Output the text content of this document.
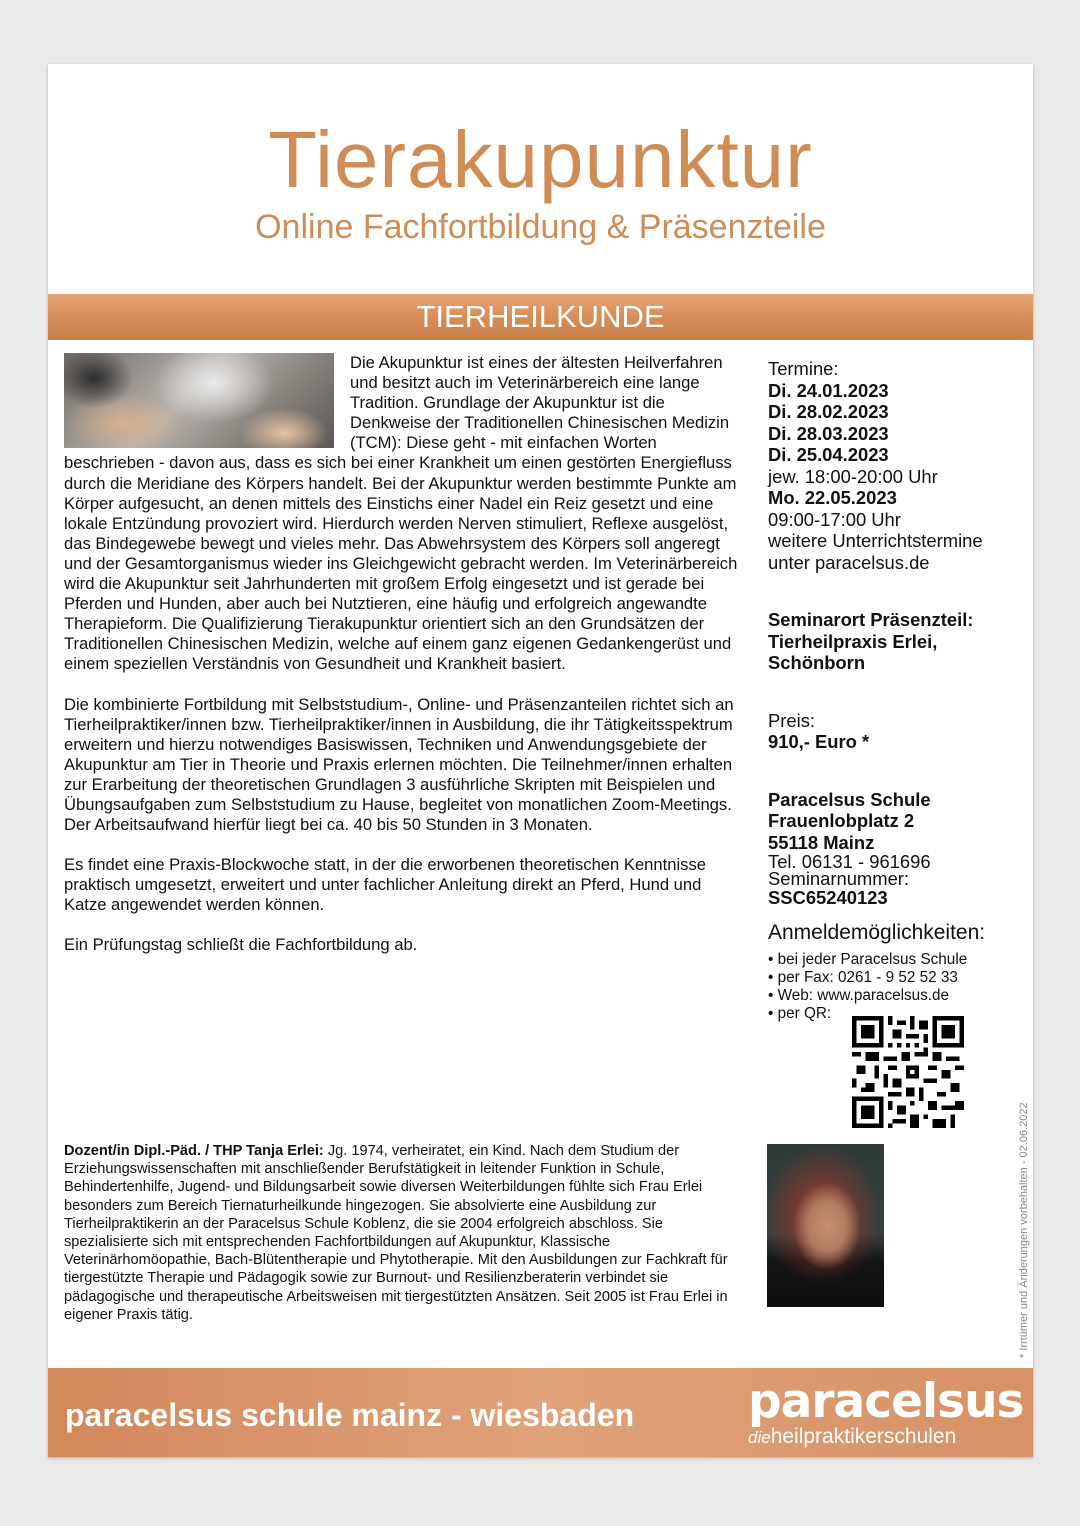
Tierakupunktur
Online Fachfortbildung & Präsenzteile
TIERHEILKUNDE

Die Akupunktur ist eines der ältesten Heilverfahren und besitzt auch im Veterinärbereich eine lange Tradition. Grundlage der Akupunktur ist die Denkweise der Traditionellen Chinesischen Medizin (TCM): Diese geht - mit einfachen Worten beschrieben - davon aus, dass es sich bei einer Krankheit um einen gestörten Energiefluss durch die Meridiane des Körpers handelt. Bei der Akupunktur werden bestimmte Punkte am Körper aufgesucht, an denen mittels des Einstichs einer Nadel ein Reiz gesetzt und eine lokale Entzündung provoziert wird. Hierdurch werden Nerven stimuliert, Reflexe ausgelöst, das Bindegewebe bewegt und vieles mehr. Das Abwehrsystem des Körpers soll angeregt und der Gesamtorganismus wieder ins Gleichgewicht gebracht werden. Im Veterinärbereich wird die Akupunktur seit Jahrhunderten mit großem Erfolg eingesetzt und ist gerade bei Pferden und Hunden, aber auch bei Nutztieren, eine häufig und erfolgreich angewandte Therapieform. Die Qualifizierung Tierakupunktur orientiert sich an den Grundsätzen der Traditionellen Chinesischen Medizin, welche auf einem ganz eigenen Gedankengerüst und einem speziellen Verständnis von Gesundheit und Krankheit basiert.

Die kombinierte Fortbildung mit Selbststudium-, Online- und Präsenzanteilen richtet sich an Tierheilpraktiker/innen bzw. Tierheilpraktiker/innen in Ausbildung, die ihr Tätigkeitsspektrum erweitern und hierzu notwendiges Basiswissen, Techniken und Anwendungsgebiete der Akupunktur am Tier in Theorie und Praxis erlernen möchten. Die Teilnehmer/innen erhalten zur Erarbeitung der theoretischen Grundlagen 3 ausführliche Skripten mit Beispielen und Übungsaufgaben zum Selbststudium zu Hause, begleitet von monatlichen Zoom-Meetings. Der Arbeitsaufwand hierfür liegt bei ca. 40 bis 50 Stunden in 3 Monaten.

Es findet eine Praxis-Blockwoche statt, in der die erworbenen theoretischen Kenntnisse praktisch umgesetzt, erweitert und unter fachlicher Anleitung direkt an Pferd, Hund und Katze angewendet werden können.

Ein Prüfungstag schließt die Fachfortbildung ab.

Termine:
Di. 24.01.2023
Di. 28.02.2023
Di. 28.03.2023
Di. 25.04.2023
jew. 18:00-20:00 Uhr
Mo. 22.05.2023
09:00-17:00 Uhr
weitere Unterrichtstermine
unter paracelsus.de
Seminarort Präsenzteil:
Tierheilpraxis Erlei,
Schönborn
Preis:
910,- Euro *
Paracelsus Schule
Frauenlobplatz 2
55118 Mainz
Tel. 06131 - 961696
Seminarnummer:
SSC65240123
Anmeldemöglichkeiten:
• bei jeder Paracelsus Schule
• per Fax: 0261 - 9 52 52 33
• Web: www.paracelsus.de
• per QR:
Dozent/in Dipl.-Päd. / THP Tanja Erlei: Jg. 1974, verheiratet, ein Kind. Nach dem Studium der Erziehungswissenschaften mit anschließender Berufstätigkeit in leitender Funktion in Schule, Behindertenhilfe, Jugend- und Bildungsarbeit sowie diversen Weiterbildungen fühlte sich Frau Erlei besonders zum Bereich Tiernaturheilkunde hingezogen. Sie absolvierte eine Ausbildung zur Tierheilpraktikerin an der Paracelsus Schule Koblenz, die sie 2004 erfolgreich abschloss. Sie spezialisierte sich mit entsprechenden Fachfortbildungen auf Akupunktur, Klassische Veterinärhomöopathie, Bach-Blütentherapie und Phytotherapie. Mit den Ausbildungen zur Fachkraft für tiergestützte Therapie und Pädagogik sowie zur Burnout- und Resilienzberaterin verbindet sie pädagogische und therapeutische Arbeitsweisen mit tiergestützten Ansätzen. Seit 2005 ist Frau Erlei in eigener Praxis tätig.
paracelsus schule mainz - wiesbaden paracelsus
dieheilpraktikerschulen
* Irrtümer und Änderungen vorbehalten - 02.06.2022
